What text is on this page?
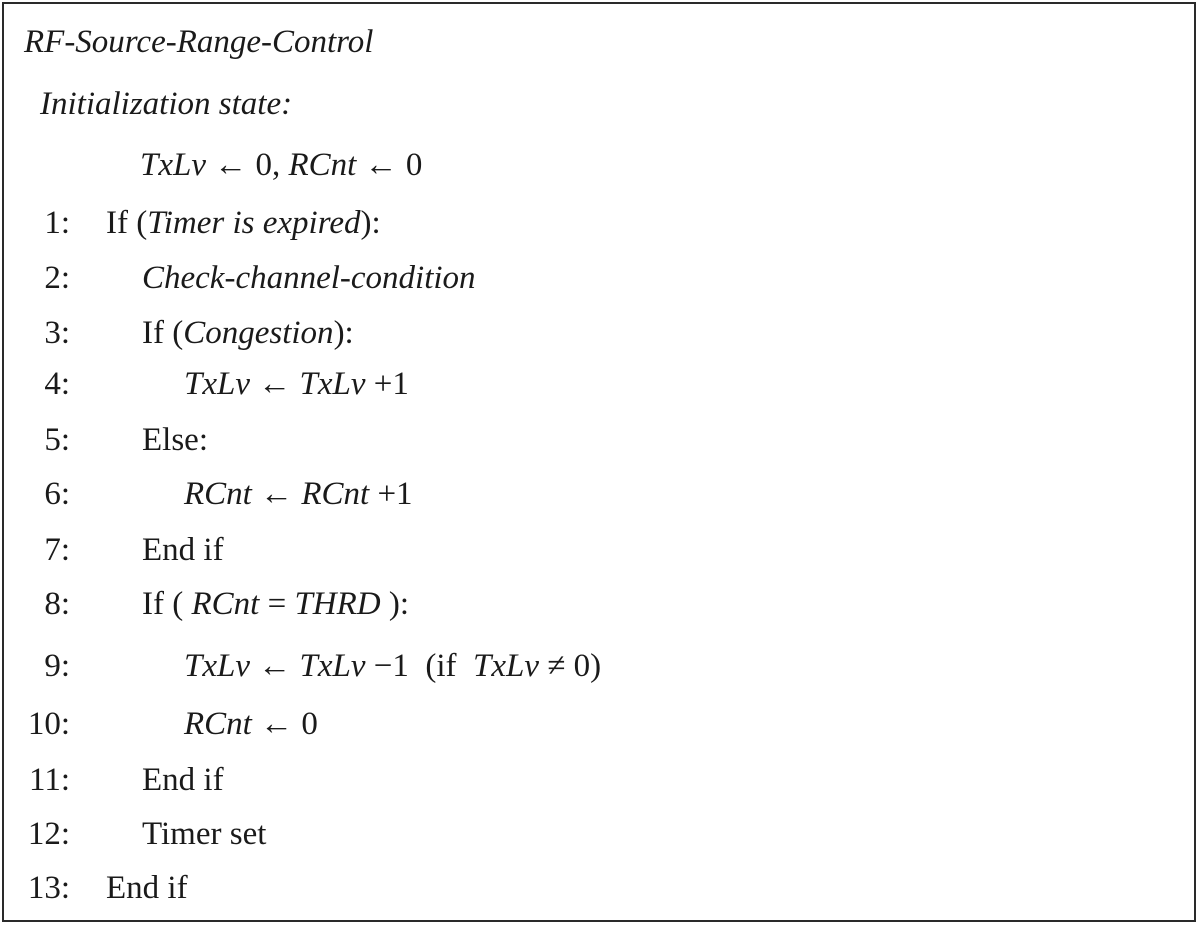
RF-Source-Range-Control
Initialization state:
TxLv ← 0, RCnt ← 0
1: If (Timer is expired):
2: Check-channel-condition
3: If (Congestion):
4:	TxLv ← TxLv +1
5: Else:
6:	RCnt ← RCnt +1
7: End if
8: If ( RCnt = THRD ):
9:	TxLv ← TxLv −1  (if  TxLv ≠ 0)
10:	RCnt ← 0
11: End if
12: Timer set
13: End if
